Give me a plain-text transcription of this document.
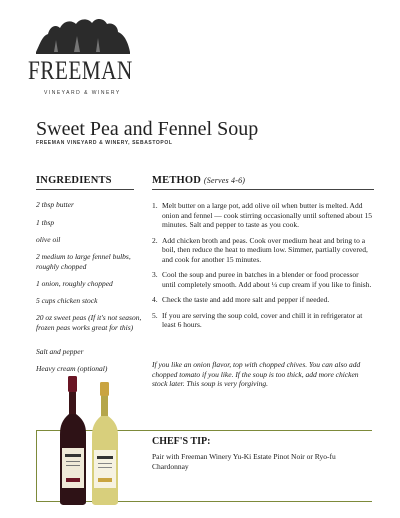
FREEMAN
VINEYARD & WINERY
Sweet Pea and Fennel Soup
FREEMAN VINEYARD & WINERY, SEBASTOPOL
INGREDIENTS	METHOD (Serves 4-6)
2 tbsp butter
1 tbsp
olive oil
2 medium to large fennel bulbs, roughly chopped
1 onion, roughly chopped
5 cups chicken stock
20 oz sweet peas (If it's not season, frozen peas works great for this)
Salt and pepper
Heavy cream (optional)
1. Melt butter on a large pot, add olive oil when butter is melted. Add onion and fennel — cook stirring occasionally until softened about 15 minutes. Salt and pepper to taste as you cook.
2. Add chicken broth and peas. Cook over medium heat and bring to a boil, then reduce the heat to medium low. Simmer, partially covered, and cook for another 15 minutes.
3. Cool the soup and puree in batches in a blender or food processor until completely smooth. Add about ¼ cup cream if you like to finish.
4. Check the taste and add more salt and pepper if needed.
5. If you are serving the soup cold, cover and chill it in refrigerator at least 6 hours.
If you like an onion flavor, top with chopped chives. You can also add chopped tomato if you like. If the soup is too thick, add more chicken stock later. This soup is very forgiving.
CHEF'S TIP:
Pair with Freeman Winery Yu-Ki Estate Pinot Noir or Ryo-fu Chardonnay
